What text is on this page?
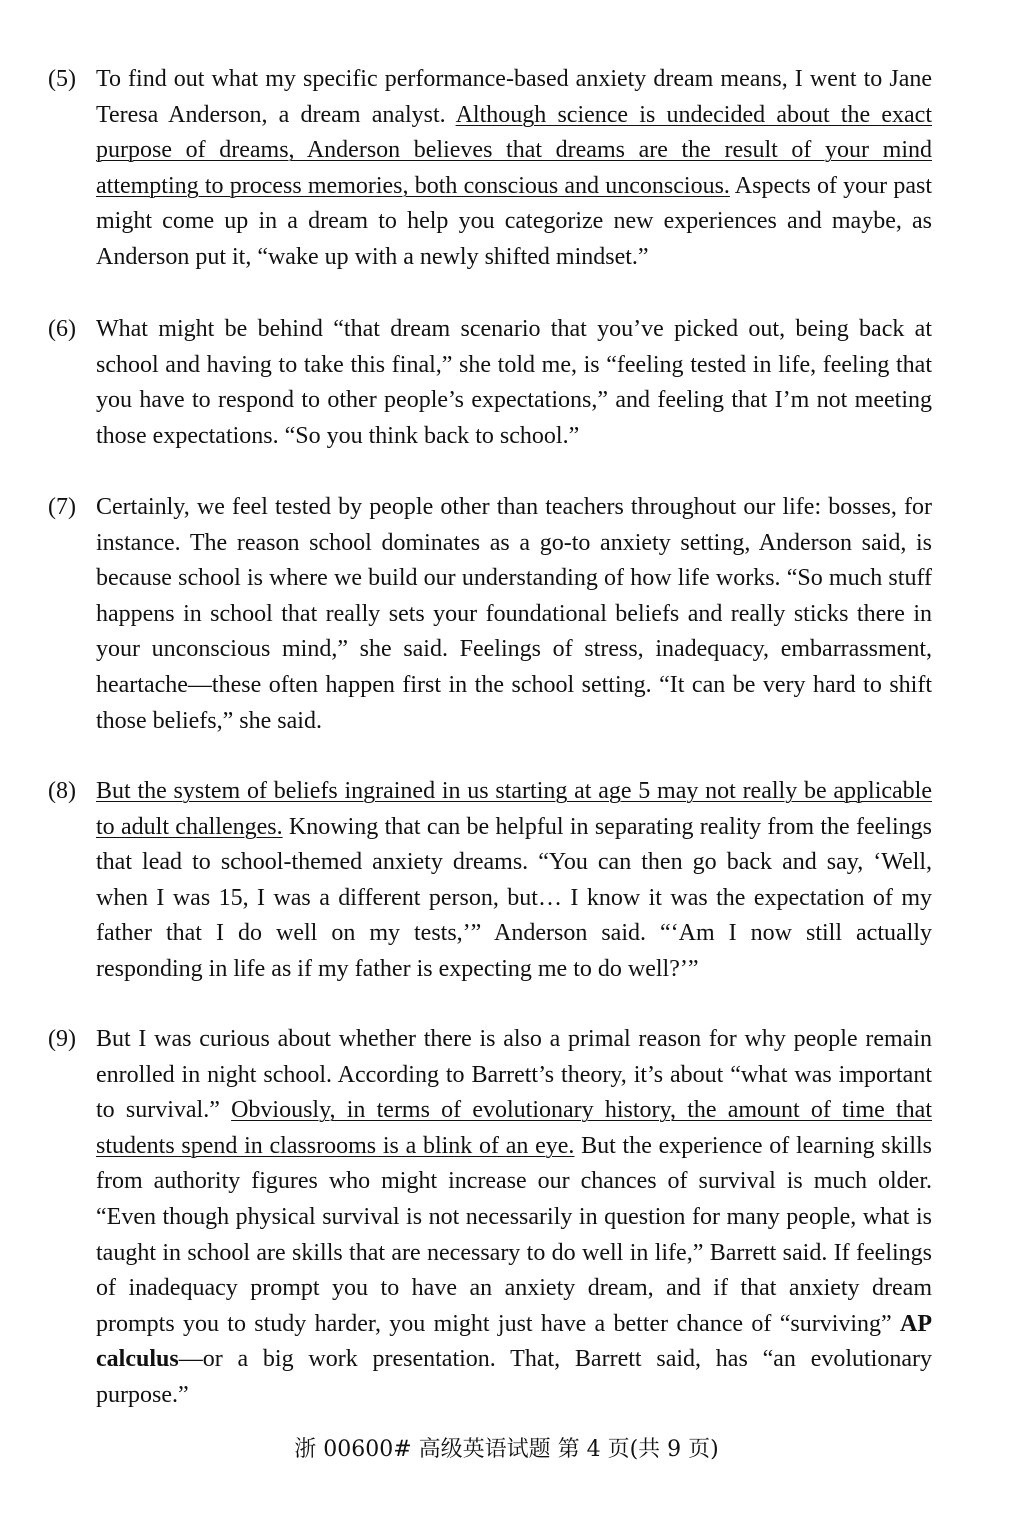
(5) To find out what my specific performance-based anxiety dream means, I went to Jane Teresa Anderson, a dream analyst. Although science is undecided about the exact purpose of dreams, Anderson believes that dreams are the result of your mind attempting to process memories, both conscious and unconscious. Aspects of your past might come up in a dream to help you categorize new experiences and maybe, as Anderson put it, “wake up with a newly shifted mindset.”
(6) What might be behind “that dream scenario that you’ve picked out, being back at school and having to take this final,” she told me, is “feeling tested in life, feeling that you have to respond to other people’s expectations,” and feeling that I’m not meeting those expectations. “So you think back to school.”
(7) Certainly, we feel tested by people other than teachers throughout our life: bosses, for instance. The reason school dominates as a go-to anxiety setting, Anderson said, is because school is where we build our understanding of how life works. “So much stuff happens in school that really sets your foundational beliefs and really sticks there in your unconscious mind,” she said. Feelings of stress, inadequacy, embarrassment, heartache—these often happen first in the school setting. “It can be very hard to shift those beliefs,” she said.
(8) But the system of beliefs ingrained in us starting at age 5 may not really be applicable to adult challenges. Knowing that can be helpful in separating reality from the feelings that lead to school-themed anxiety dreams. “You can then go back and say, ‘Well, when I was 15, I was a different person, but… I know it was the expectation of my father that I do well on my tests,’” Anderson said. “‘Am I now still actually responding in life as if my father is expecting me to do well?’”
(9) But I was curious about whether there is also a primal reason for why people remain enrolled in night school. According to Barrett’s theory, it’s about “what was important to survival.” Obviously, in terms of evolutionary history, the amount of time that students spend in classrooms is a blink of an eye. But the experience of learning skills from authority figures who might increase our chances of survival is much older. “Even though physical survival is not necessarily in question for many people, what is taught in school are skills that are necessary to do well in life,” Barrett said. If feelings of inadequacy prompt you to have an anxiety dream, and if that anxiety dream prompts you to study harder, you might just have a better chance of “surviving” AP calculus—or a big work presentation. That, Barrett said, has “an evolutionary purpose.”
浙 00600# 高级英语试题 第 4 页(共 9 页)
